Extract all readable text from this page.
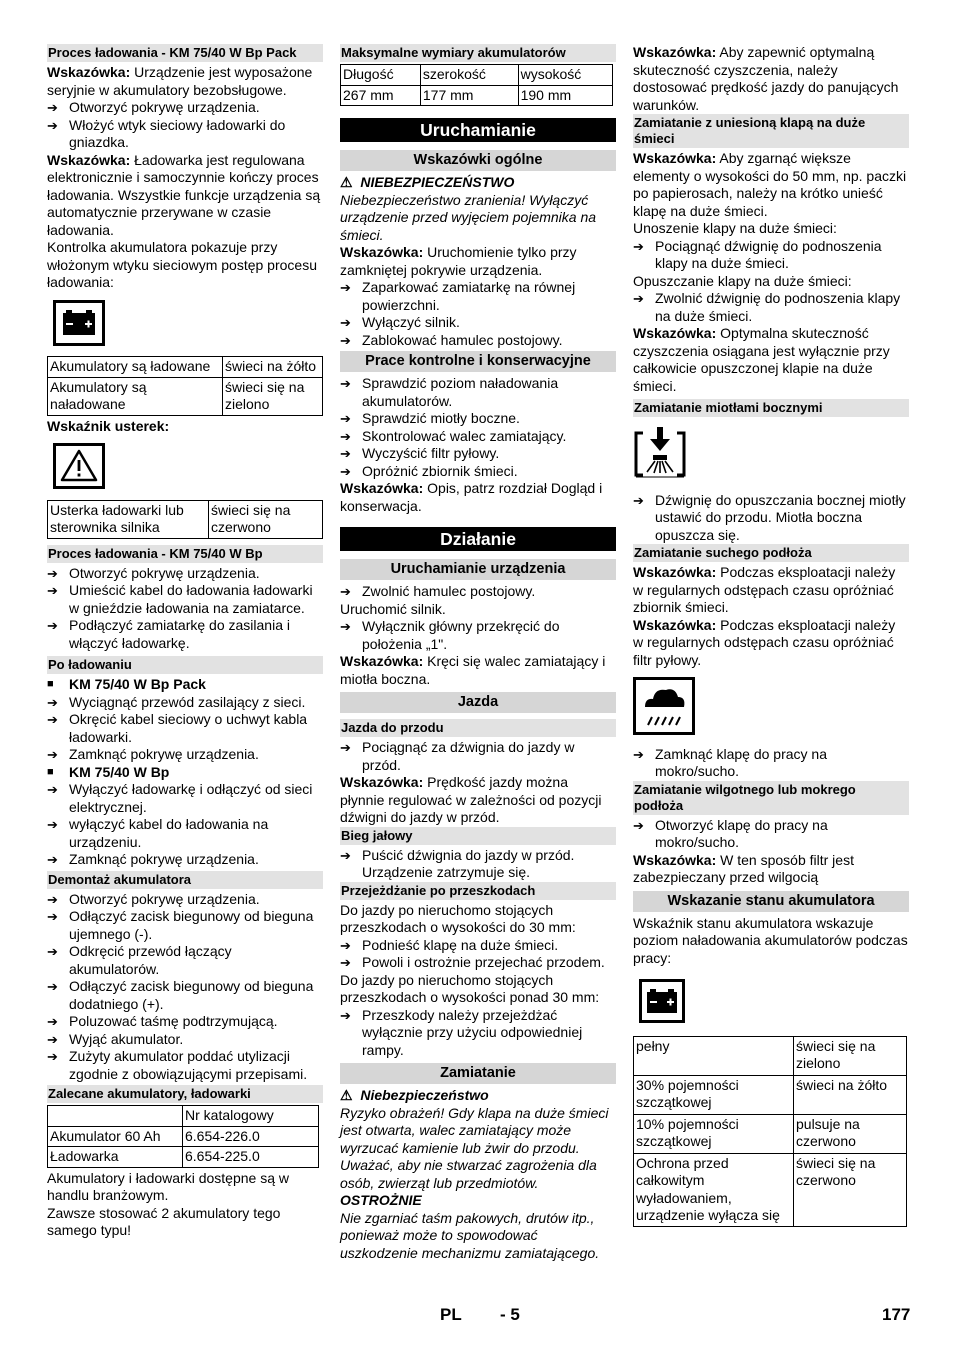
Proces ładowania - KM 75/40 W Bp Pack

Wskazówka: Urządzenie jest wyposażone seryjnie w akumulatory bezobsługowe.

➔ Otworzyć pokrywę urządzenia.
➔ Włożyć wtyk sieciowy ładowarki do gniazdka.

Wskazówka: Ładowarka jest regulowana elektronicznie i samoczynnie kończy proces ładowania. Wszystkie funkcje urządzenia są automatycznie przerywane w czasie ładowania.

Kontrolka akumulatora pokazuje przy włożonym wtyku sieciowym postęp procesu ładowania:

Akumulatory są ładowane	świeci na żółto
Akumulatory są naładowane	świeci się na zielono

Wskaźnik usterek:

Usterka ładowarki lub sterownika silnika	świeci się na czerwono
Proces ładowania - KM 75/40 W Bp
➔ Otworzyć pokrywę urządzenia.
➔ Umieścić kabel do ładowania ładowarki w gnieździe ładowania na zamiatarce.
➔ Podłączyć zamiatarkę do zasilania i włączyć ładowarkę.
Po ładowaniu
■	KM 75/40 W Bp Pack
➔ Wyciągnąć przewód zasilający z sieci.
➔ Okręcić kabel sieciowy o uchwyt kabla ładowarki.
➔ Zamknąć pokrywę urządzenia.
■	KM 75/40 W Bp
➔ Wyłączyć ładowarkę i odłączyć od sieci elektrycznej.
➔ wyłączyć kabel do ładowania na urządzeniu.
➔ Zamknąć pokrywę urządzenia.
Demontaż akumulatora
➔ Otworzyć pokrywę urządzenia.
➔ Odłączyć zacisk biegunowy od bieguna ujemnego (-).
➔ Odkręcić przewód łączący akumulatorów.
➔ Odłączyć zacisk biegunowy od bieguna dodatniego (+).
➔ Poluzować taśmę podtrzymującą.
➔ Wyjąć akumulator.
➔ Zużyty akumulator poddać utylizacji zgodnie z obowiązującymi przepisami.
Zalecane akumulatory, ładowarki
	Nr katalogowy
Akumulator 60 Ah	6.654-226.0
Ładowarka	6.654-225.0

Akumulatory i ładowarki dostępne są w handlu branżowym.

Zawsze stosować 2 akumulatory tego samego typu!

Maksymalne wymiary akumulatorów
Długość	szerokość	wysokość
267 mm	177 mm	190 mm
Uruchamianie
Wskazówki ogólne

⚠ NIEBEZPIECZEŃSTWO

Niebezpieczeństwo zranienia! Wyłączyć urządzenie przed wyjęciem pojemnika na śmieci.

Wskazówka: Uruchomienie tylko przy zamkniętej pokrywie urządzenia.

➔ Zaparkować zamiatarkę na równej powierzchni.
➔ Wyłączyć silnik.
➔ Zablokować hamulec postojowy.
Prace kontrolne i konserwacyjne
➔ Sprawdzić poziom naładowania akumulatorów.
➔ Sprawdzić miotły boczne.
➔ Skontrolować walec zamiatający.
➔ Wyczyścić filtr pyłowy.
➔ Opróżnić zbiornik śmieci.

Wskazówka: Opis, patrz rozdział Dogląd i konserwacja.

Działanie
Uruchamianie urządzenia
➔ Zwolnić hamulec postojowy.

Uruchomić silnik.

➔ Wyłącznik główny przekręcić do położenia „1".

Wskazówka: Kręci się walec zamiatający i miotła boczna.

Jazda
Jazda do przodu
➔ Pociągnąć za dźwignia do jazdy w przód.

Wskazówka: Prędkość jazdy można płynnie regulować w zależności od pozycji dźwigni do jazdy w przód.

Bieg jałowy
➔ Puścić dźwignia do jazdy w przód. Urządzenie zatrzymuje się.
Przejeżdżanie po przeszkodach

Do jazdy po nieruchomo stojących przeszkodach o wysokości do 30 mm:

➔ Podnieść klapę na duże śmieci.
➔ Powoli i ostrożnie przejechać przodem.

Do jazdy po nieruchomo stojących przeszkodach o wysokości ponad 30 mm:

➔ Przeszkody należy przejeżdżać wyłącznie przy użyciu odpowiedniej rampy.
Zamiatanie

⚠ Niebezpieczeństwo

Ryzyko obrażeń! Gdy klapa na duże śmieci jest otwarta, walec zamiatający może wyrzucać kamienie lub żwir do przodu. Uważać, aby nie stwarzać zagrożenia dla osób, zwierząt lub przedmiotów.

OSTROŻNIE

Nie zgarniać taśm pakowych, drutów itp., ponieważ może to spowodować uszkodzenie mechanizmu zamiatającego.

Wskazówka: Aby zapewnić optymalną skuteczność czyszczenia, należy dostosować prędkość jazdy do panujących warunków.

Zamiatanie z uniesioną klapą na duże śmieci

Wskazówka: Aby zgarnąć większe elementy o wysokości do 50 mm, np. paczki po papierosach, należy na krótko unieść klapę na duże śmieci.

Unoszenie klapy na duże śmieci:

➔ Pociągnąć dźwignię do podnoszenia klapy na duże śmieci.

Opuszczanie klapy na duże śmieci:

➔ Zwolnić dźwignię do podnoszenia klapy na duże śmieci.

Wskazówka: Optymalna skuteczność czyszczenia osiągana jest wyłącznie przy całkowicie opuszczonej klapie na duże śmieci.

Zamiatanie miotłami bocznymi
➔ Dźwignię do opuszczania bocznej miotły ustawić do przodu. Miotła boczna opuszcza się.
Zamiatanie suchego podłoża

Wskazówka: Podczas eksploatacji należy w regularnych odstępach czasu opróżniać zbiornik śmieci.

Wskazówka: Podczas eksploatacji należy w regularnych odstępach czasu opróżniać filtr pyłowy.

➔ Zamknąć klapę do pracy na mokro/sucho.
Zamiatanie wilgotnego lub mokrego podłoża
➔ Otworzyć klapę do pracy na mokro/sucho.

Wskazówka: W ten sposób filtr jest zabezpieczany przed wilgocią

Wskazanie stanu akumulatora

Wskaźnik stanu akumulatora wskazuje poziom naładowania akumulatorów podczas pracy:

pełny	świeci się na zielono
30% pojemności szczątkowej	świeci na żółto
10% pojemności szczątkowej	pulsuje na czerwono
Ochrona przed całkowitym wyładowaniem, urządzenie wyłącza się	świeci się na czerwono
PL - 5	177
